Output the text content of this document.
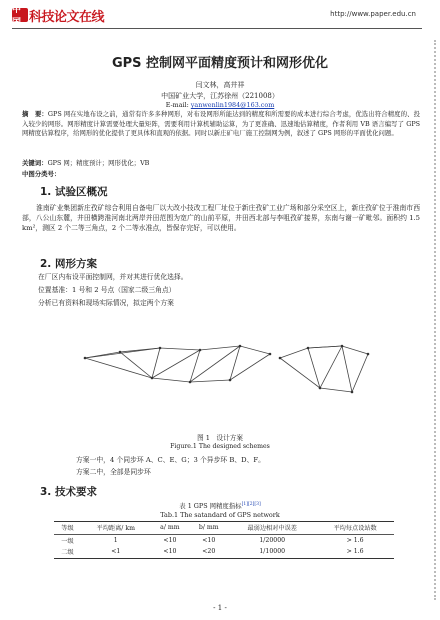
中国 科技论文在线	http://www.paper.edu.cn
GPS 控制网平面精度预计和网形优化
闫文林，高井祥
中国矿业大学，江苏徐州（221008）
E-mail: yanwenlin1984@163.com
摘　要：GPS 网在实地布设之前，通常有许多多种网形，对布设网形所能达到的精度和所需要的成本进行综合考虑，优选出符合精度的、投入较少的网形。网形精度计算需要处理大量矩阵，需要利用计算机辅助运算，为了更准确、迅速地估算精度，作者利用 VB 语言编写了 GPS 网精度估算程序，给网形的优化提供了更具体和直观的依据。同时以新庄矿电厂施工控制网为例，叙述了 GPS 网形的平面优化问题。
关键词：GPS 网；精度预计；网形优化；VB
中图分类号：
1. 试验区概况
淮南矿业集团新庄孜矿综合利用自备电厂以大改小技改工程厂址位于新庄孜矿工业广场和部分采空区上，新庄孜矿位于淮南市西部，八公山东麓，井田横跨淮河南北两岸并田范围为宽广的山前平原，井田西北部与李咀孜矿接界，东南与谢一矿毗邻。面积约 1.5 km²，测区 2 个二等三角点，2 个二等水准点，皆保存完好，可以使用。
2. 网形方案
在厂区内布设平面控制网，并对其进行优化选择。
位置基准：1 号和 2 号点（国家二级三角点）
分析已有资料和现场实际情况，拟定两个方案
图 1　设计方案
Figure.1 The designed schemes
方案一中，4 个同步环 A、C、E、G；3 个异步环 B、D、F。
方案二中，全部是同步环
3. 技术要求
表 1 GPS 网精度指标[1][2][3]
Tab.1 The satandard of GPS network
等级	平均距离/ km	a/ mm	b/ mm	最弱边相对中误差	平均每点设站数
一级	1	<10	<10	1/20000	> 1.6
二级	<1	<10	<20	1/10000	> 1.6
- 1 -
